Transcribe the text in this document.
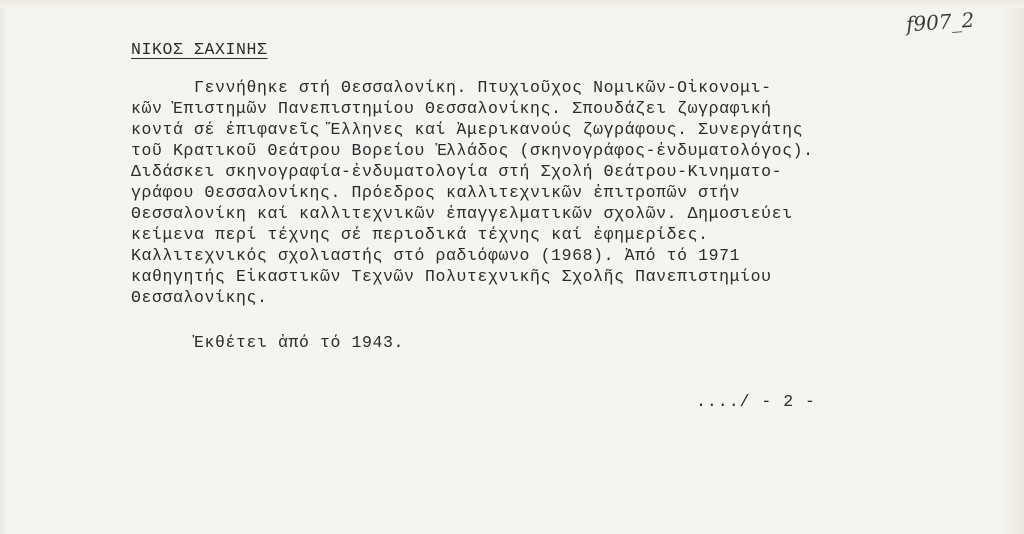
f907_2
ΝΙΚΟΣ ΣΑΧΙΝΗΣ
Γεννήθηκε στή Θεσσαλονίκη. Πτυχιοῦχος Νομικῶν-Οἰκονομι-
κῶν Ἐπιστημῶν Πανεπιστημίου Θεσσαλονίκης. Σπουδάζει ζωγραφική
κοντά σέ ἐπιφανεῖς Ἕλληνες καί Ἀμερικανούς ζωγράφους. Συνεργάτης
τοῦ Κρατικοῦ Θεάτρου Βορείου Ἑλλάδος (σκηνογράφος-ἐνδυματολόγος).
Διδάσκει σκηνογραφία-ἐνδυματολογία στή Σχολή Θεάτρου-Κινηματο-
γράφου Θεσσαλονίκης. Πρόεδρος καλλιτεχνικῶν ἐπιτροπῶν στήν
Θεσσαλονίκη καί καλλιτεχνικῶν ἐπαγγελματικῶν σχολῶν. Δημοσιεύει
κείμενα περί τέχνης σέ περιοδικά τέχνης καί ἐφημερίδες.
Καλλιτεχνικός σχολιαστής στό ραδιόφωνο (1968). Ἀπό τό 1971
καθηγητής Εἰκαστικῶν Τεχνῶν Πολυτεχνικῆς Σχολῆς Πανεπιστημίου
Θεσσαλονίκης.
Ἐκθέτει ἀπό τό 1943.
..../ - 2 -
